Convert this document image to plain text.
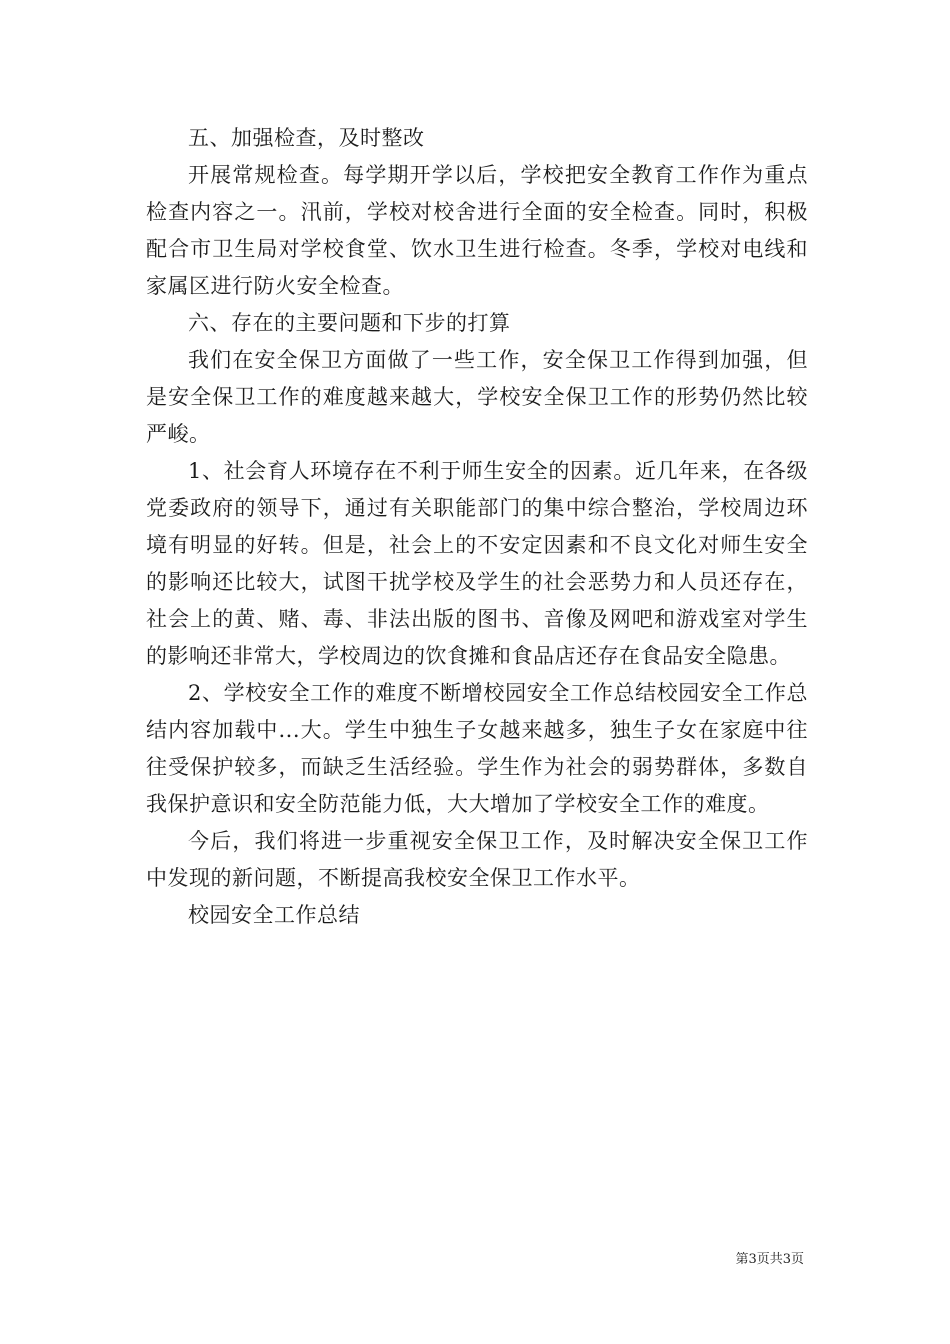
五、加强检查，及时整改

开展常规检查。每学期开学以后，学校把安全教育工作作为重点检查内容之一。汛前，学校对校舍进行全面的安全检查。同时，积极配合市卫生局对学校食堂、饮水卫生进行检查。冬季，学校对电线和家属区进行防火安全检查。

六、存在的主要问题和下步的打算

我们在安全保卫方面做了一些工作，安全保卫工作得到加强，但是安全保卫工作的难度越来越大，学校安全保卫工作的形势仍然比较严峻。

1、社会育人环境存在不利于师生安全的因素。近几年来，在各级党委政府的领导下，通过有关职能部门的集中综合整治，学校周边环境有明显的好转。但是，社会上的不安定因素和不良文化对师生安全的影响还比较大，试图干扰学校及学生的社会恶势力和人员还存在，社会上的黄、赌、毒、非法出版的图书、音像及网吧和游戏室对学生的影响还非常大，学校周边的饮食摊和食品店还存在食品安全隐患。

2、学校安全工作的难度不断增校园安全工作总结校园安全工作总结内容加载中...大。学生中独生子女越来越多，独生子女在家庭中往往受保护较多，而缺乏生活经验。学生作为社会的弱势群体，多数自我保护意识和安全防范能力低，大大增加了学校安全工作的难度。

今后，我们将进一步重视安全保卫工作，及时解决安全保卫工作中发现的新问题，不断提高我校安全保卫工作水平。

校园安全工作总结

第3页共3页
